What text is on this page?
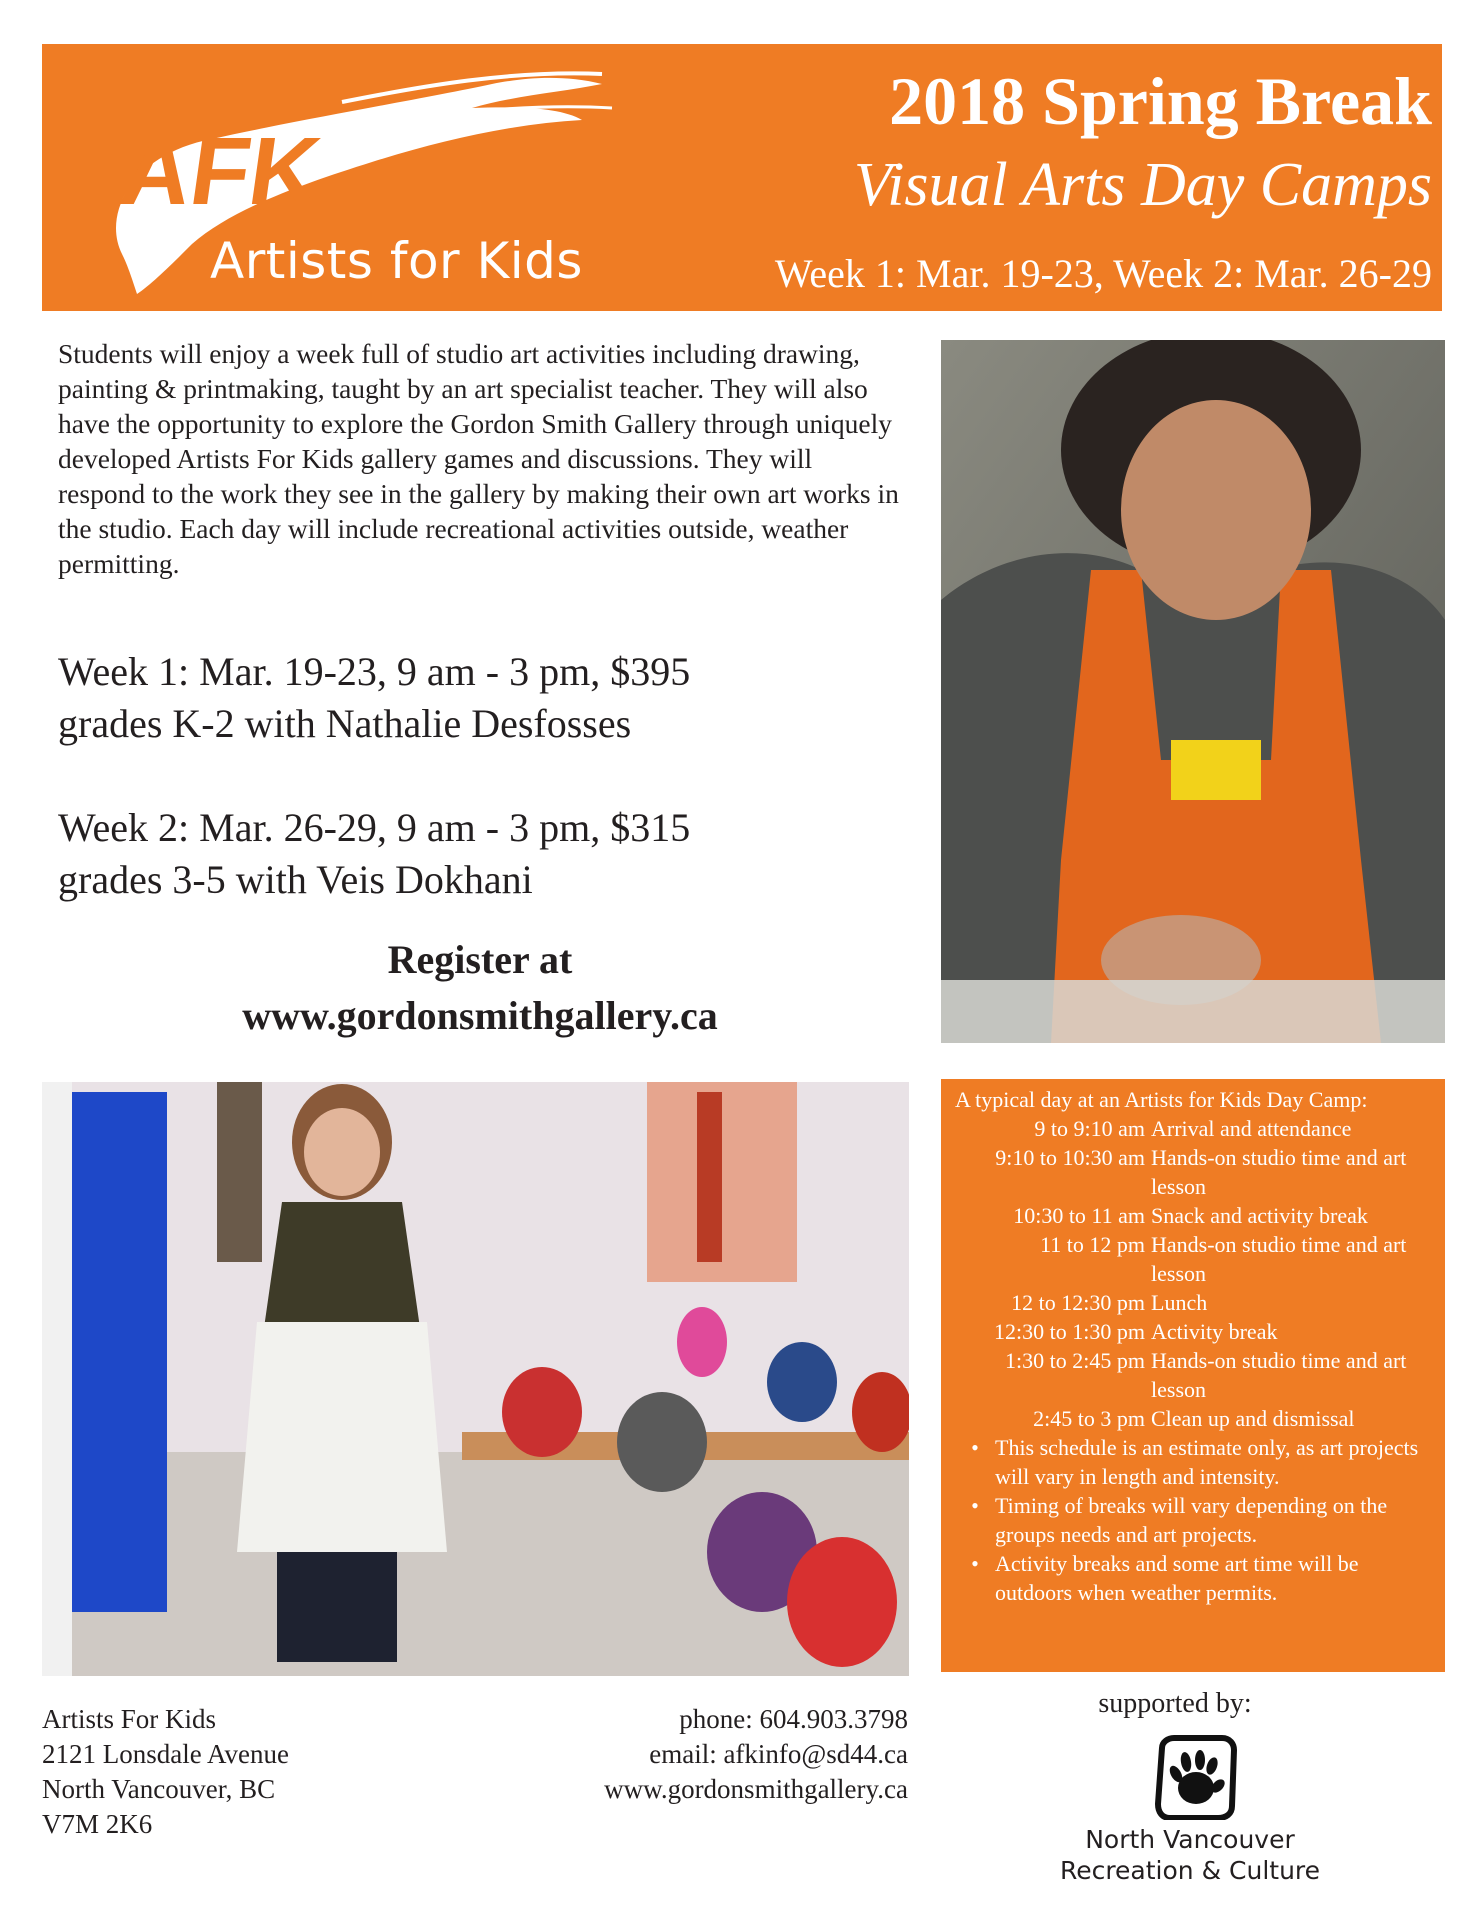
AFK
Artists for Kids
2018 Spring Break
Visual Arts Day Camps
Week 1: Mar. 19-23, Week 2: Mar. 26-29
Students will enjoy a week full of studio art activities including drawing, painting & printmaking, taught by an art specialist teacher. They will also have the opportunity to explore the Gordon Smith Gallery through uniquely developed Artists For Kids gallery games and discussions. They will respond to the work they see in the gallery by making their own art works in the studio. Each day will include recreational activities outside, weather permitting.
Week 1: Mar. 19-23, 9 am - 3 pm, $395
grades K-2 with Nathalie Desfosses
Week 2: Mar. 26-29, 9 am - 3 pm, $315
grades 3-5 with Veis Dokhani
Register at
www.gordonsmithgallery.ca
A typical day at an Artists for Kids Day Camp:
9 to 9:10 am Arrival and attendance
9:10 to 10:30 am Hands-on studio time and art lesson
10:30 to 11 am Snack and activity break
11 to 12 pm Hands-on studio time and art lesson
12 to 12:30 pm Lunch
12:30 to 1:30 pm Activity break
1:30 to 2:45 pm Hands-on studio time and art lesson
2:45 to 3 pm Clean up and dismissal
• This schedule is an estimate only, as art projects will vary in length and intensity.
• Timing of breaks will vary depending on the groups needs and art projects.
• Activity breaks and some art time will be outdoors when weather permits.
Artists For Kids
2121 Lonsdale Avenue
North Vancouver, BC
V7M 2K6
phone: 604.903.3798
email: afkinfo@sd44.ca
www.gordonsmithgallery.ca
supported by:
North Vancouver
Recreation & Culture
